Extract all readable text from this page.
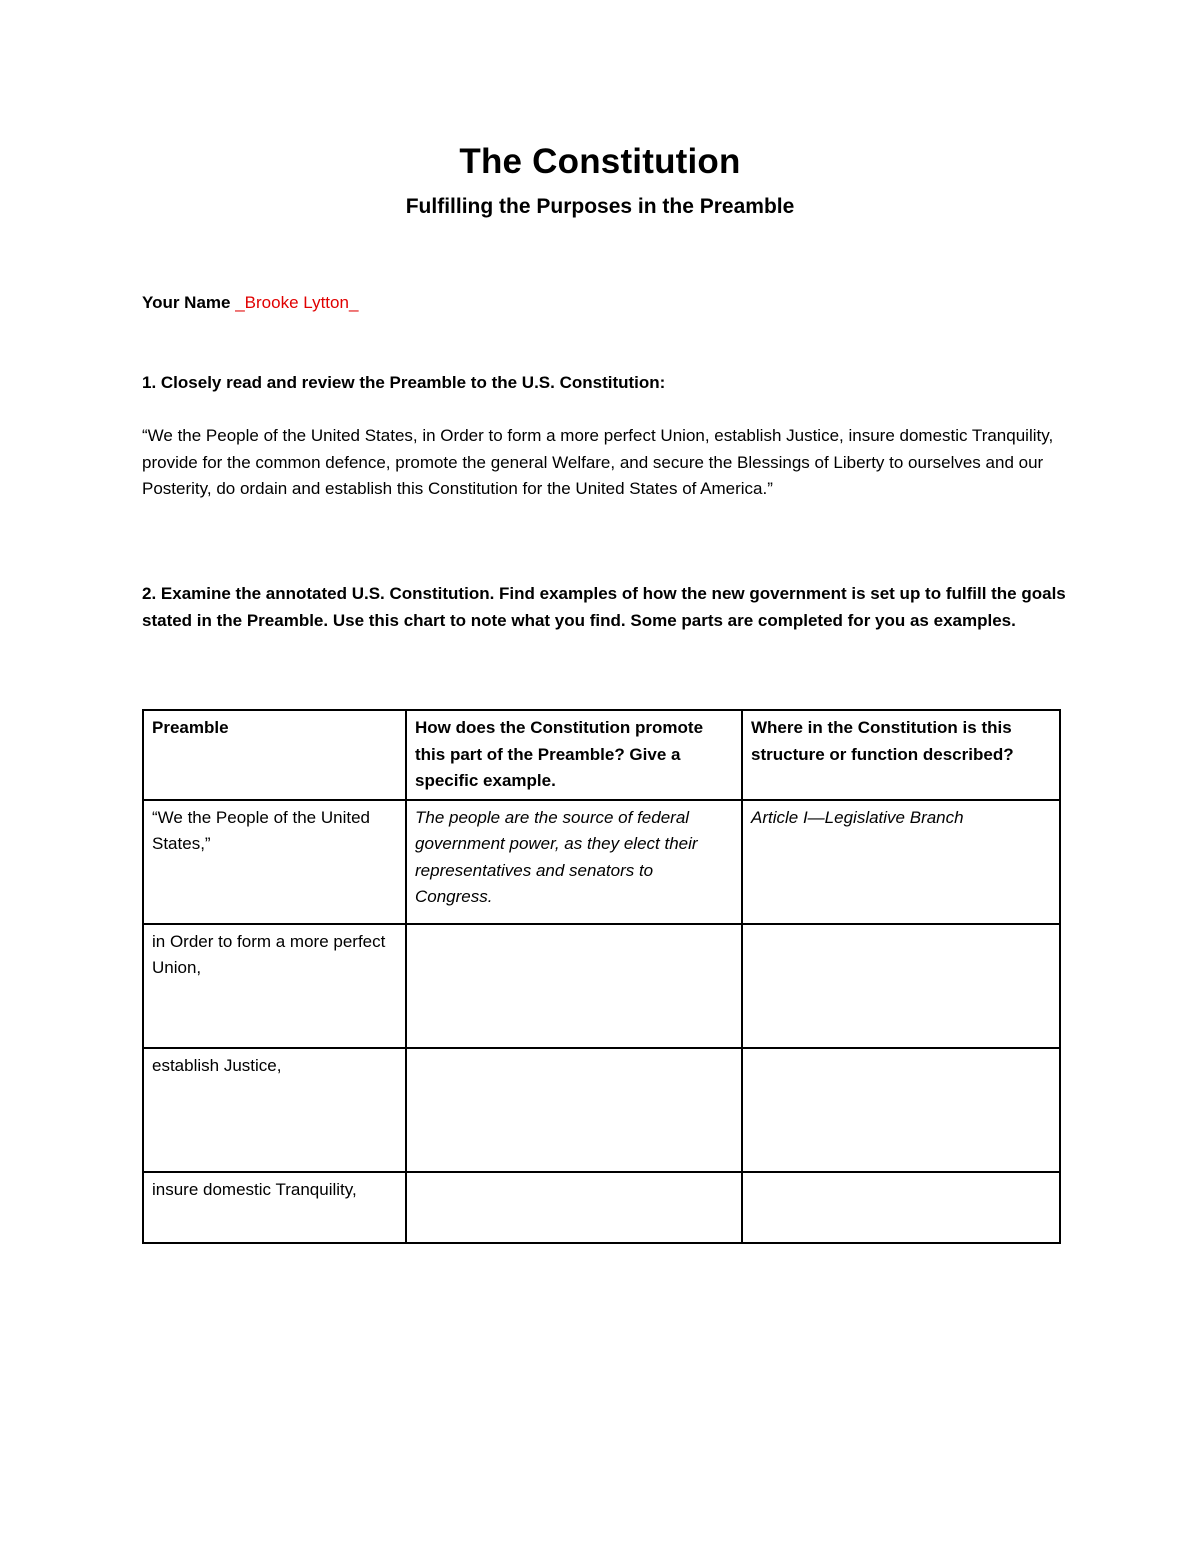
The Constitution
Fulfilling the Purposes in the Preamble
Your Name _Brooke Lytton_
1. Closely read and review the Preamble to the U.S. Constitution:
“We the People of the United States, in Order to form a more perfect Union, establish Justice, insure domestic Tranquility, provide for the common defence, promote the general Welfare, and secure the Blessings of Liberty to ourselves and our Posterity, do ordain and establish this Constitution for the United States of America.”
2. Examine the annotated U.S. Constitution. Find examples of how the new government is set up to fulfill the goals stated in the Preamble. Use this chart to note what you find. Some parts are completed for you as examples.
Preamble	How does the Constitution promote this part of the Preamble? Give a specific example.	Where in the Constitution is this structure or function described?
“We the People of the United States,”	The people are the source of federal government power, as they elect their representatives and senators to Congress.	Article I—Legislative Branch
in Order to form a more perfect Union,		
establish Justice,		
insure domestic Tranquility,		
